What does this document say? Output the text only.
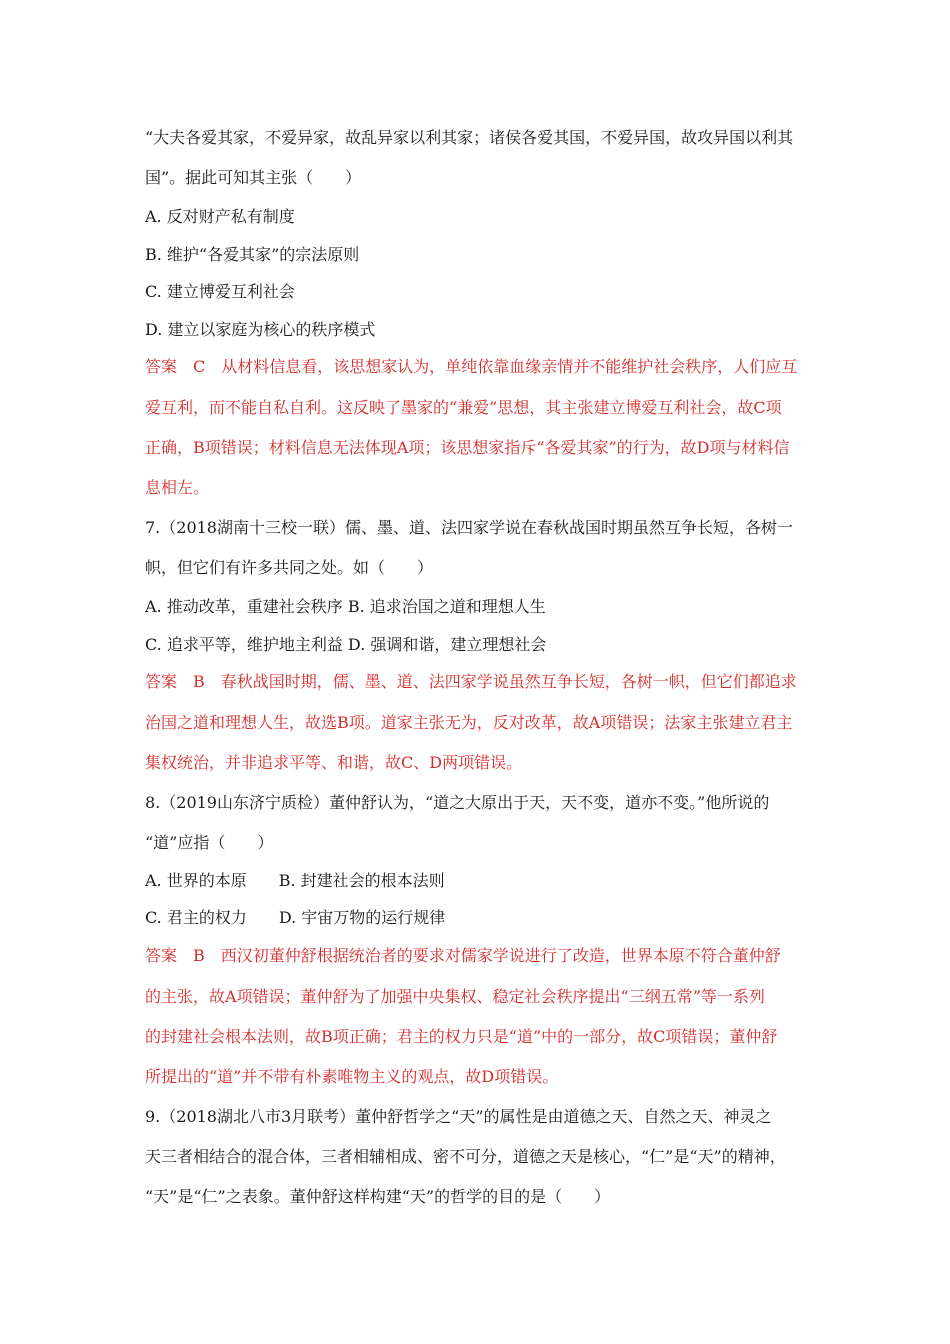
“大夫各爱其家，不爱异家，故乱异家以利其家；诸侯各爱其国，不爱异国，故攻异国以利其
国”。据此可知其主张（　　）
A. 反对财产私有制度
B. 维护“各爱其家”的宗法原则
C. 建立博爱互利社会
D. 建立以家庭为核心的秩序模式
答案　C　从材料信息看，该思想家认为，单纯依靠血缘亲情并不能维护社会秩序，人们应互
爱互利，而不能自私自利。这反映了墨家的“兼爱”思想，其主张建立博爱互利社会，故C项
正确，B项错误；材料信息无法体现A项；该思想家指斥“各爱其家”的行为，故D项与材料信
息相左。
7.（2018湖南十三校一联）儒、墨、道、法四家学说在春秋战国时期虽然互争长短，各树一
帜，但它们有许多共同之处。如（　　）
A. 推动改革，重建社会秩序 B. 追求治国之道和理想人生
C. 追求平等，维护地主利益 D. 强调和谐，建立理想社会
答案　B　春秋战国时期，儒、墨、道、法四家学说虽然互争长短，各树一帜，但它们都追求
治国之道和理想人生，故选B项。道家主张无为，反对改革，故A项错误；法家主张建立君主
集权统治，并非追求平等、和谐，故C、D两项错误。
8.（2019山东济宁质检）董仲舒认为，“道之大原出于天，天不变，道亦不变。”他所说的
“道”应指（　　）
A. 世界的本原　　B. 封建社会的根本法则
C. 君主的权力　　D. 宇宙万物的运行规律
答案　B　西汉初董仲舒根据统治者的要求对儒家学说进行了改造，世界本原不符合董仲舒
的主张，故A项错误；董仲舒为了加强中央集权、稳定社会秩序提出“三纲五常”等一系列
的封建社会根本法则，故B项正确；君主的权力只是“道”中的一部分，故C项错误；董仲舒
所提出的“道”并不带有朴素唯物主义的观点，故D项错误。
9.（2018湖北八市3月联考）董仲舒哲学之“天”的属性是由道德之天、自然之天、神灵之
天三者相结合的混合体，三者相辅相成、密不可分，道德之天是核心，“仁”是“天”的精神，
“天”是“仁”之表象。董仲舒这样构建“天”的哲学的目的是（　　）
